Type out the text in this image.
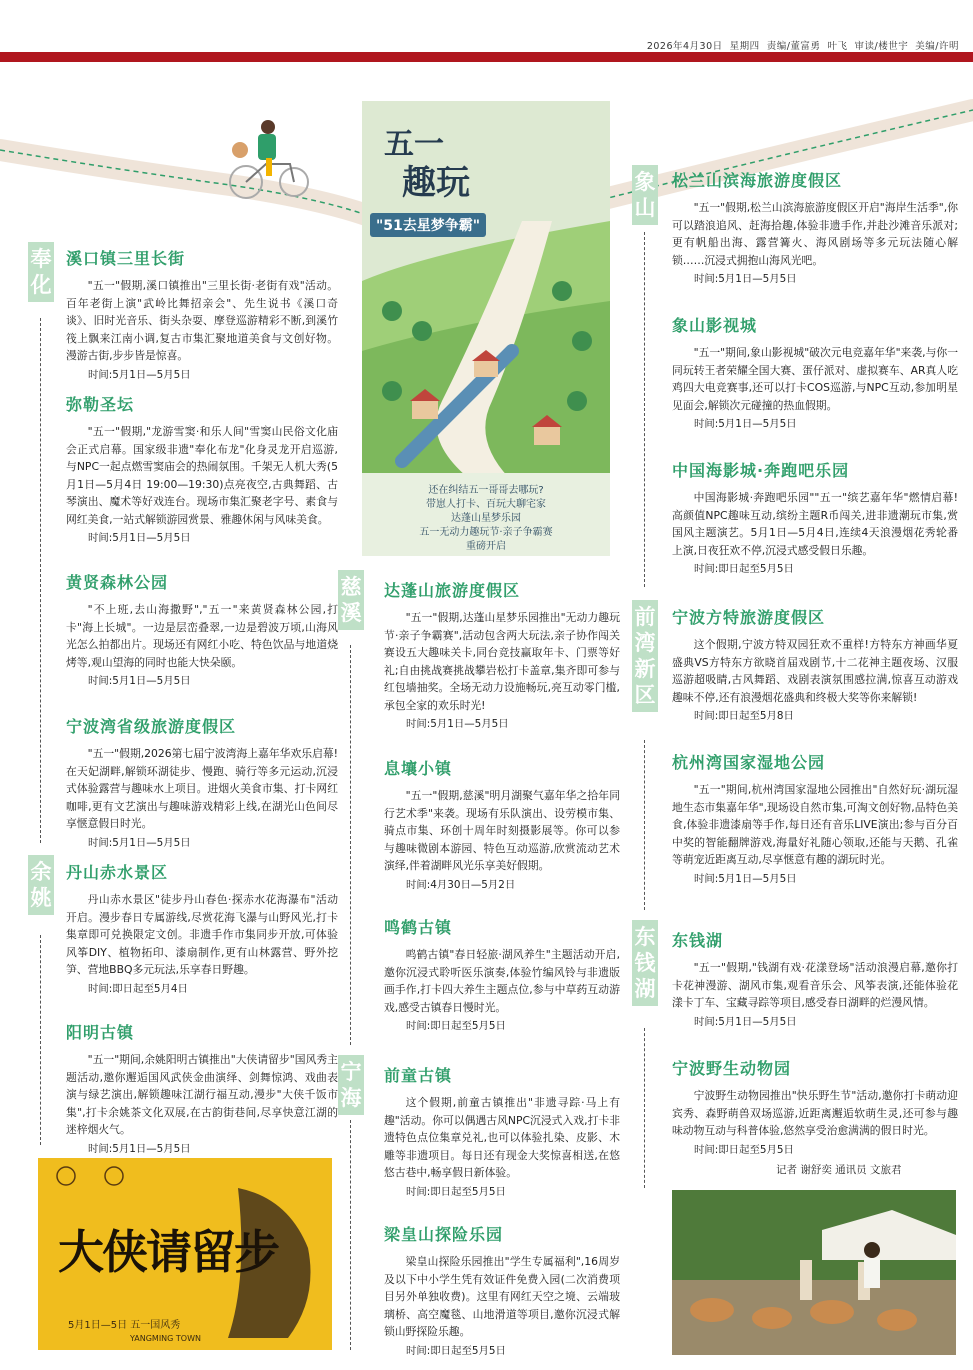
2026年4月30日 星期四 责编/董富勇 叶飞 审读/楼世宇 美编/许明
五一
趣玩
"51去星梦争霸"
还在纠结五一哥哥去哪玩?
带崽人打卡、百玩大聊宅家
达蓬山星梦乐园
五一无动力趣玩节·亲子争霸赛
重磅开启
奉化
余姚
慈溪
宁海
象山
前湾新区
东钱湖
溪口镇三里长街

"五一"假期,溪口镇推出"三里长街·老街有戏"活动。百年老街上演"武岭比舞招亲会"、先生说书《溪口奇谈》、旧时光音乐、街头杂耍、摩登巡游精彩不断,到溪竹筏上飘来江南小调,复古市集汇聚地道美食与文创好物。漫游古街,步步皆是惊喜。

时间:5月1日—5月5日
弥勒圣坛

"五一"假期,"龙游雪窦·和乐人间"雪窦山民俗文化庙会正式启幕。国家级非遗"奉化布龙"化身灵龙开启巡游,与NPC一起点燃雪窦庙会的热闹氛围。千架无人机大秀(5月1日—5月4日 19:00—19:30)点亮夜空,古典舞蹈、古琴演出、魔术等好戏连台。现场市集汇聚老字号、素食与网红美食,一站式解锁游园赏景、雅趣休闲与风味美食。

时间:5月1日—5月5日
黄贤森林公园

"不上班,去山海撒野","五一"来黄贤森林公园,打卡"海上长城"。一边是层峦叠翠,一边是碧波万顷,山海风光怎么拍都出片。现场还有网红小吃、特色饮品与地道烧烤等,观山望海的同时也能大快朵颐。

时间:5月1日—5月5日
宁波湾省级旅游度假区

"五一"假期,2026第七届宁波湾海上嘉年华欢乐启幕!在天妃湖畔,解锁环湖徒步、慢跑、骑行等多元运动,沉浸式体验露营与趣味水上项目。进烟火美食市集、打卡网红咖啡,更有文艺演出与趣味游戏精彩上线,在湖光山色间尽享惬意假日时光。

时间:5月1日—5月5日
丹山赤水景区

丹山赤水景区"徒步丹山春色·探赤水花海瀑布"活动开启。漫步春日专属游线,尽赏花海飞瀑与山野风光,打卡集章即可兑换限定文创。非遗手作市集同步开放,可体验风筝DIY、植物拓印、漆扇制作,更有山林露营、野外挖笋、营地BBQ多元玩法,乐享春日野趣。

时间:即日起至5月4日
阳明古镇

"五一"期间,余姚阳明古镇推出"大侠请留步"国风秀主题活动,邀你邂逅国风武侠金曲演绎、剑舞惊鸿、戏曲表演与绿艺演出,解锁趣味江湖行福互动,漫步"大侠千饭市集",打卡余姚茶文化双展,在古韵街巷间,尽享快意江湖的迷梓烟火气。

时间:5月1日—5月5日
大侠请留步
5月1日—5日 五一国风秀
YANGMING TOWN
达蓬山旅游度假区

"五一"假期,达蓬山星梦乐园推出"无动力趣玩节·亲子争霸赛",活动包含两大玩法,亲子协作闯关赛设五大趣味关卡,同台竞技赢取年卡、门票等好礼;自由挑战赛挑战攀岩松打卡盖章,集齐即可参与红包墙抽奖。全场无动力设施畅玩,亮互动零门槛,承包全家的欢乐时光!

时间:5月1日—5月5日
息壤小镇

"五一"假期,慈溪"明月湖聚气嘉年华之拾年同行艺术季"来袭。现场有乐队演出、设劳模市集、骑点市集、环创十周年时刻摄影展等。你可以参与趣味微剧本游园、特色互动巡游,欣赏流动艺术演绎,伴着湖畔风光乐享美好假期。

时间:4月30日—5月2日
鸣鹤古镇

鸣鹤古镇"春日轻旅·湖风养生"主题活动开启,邀你沉浸式聆听医乐演奏,体验竹编风铃与非遗版画手作,打卡四大养生主题点位,参与中草药互动游戏,感受古镇春日慢时光。

时间:即日起至5月5日
前童古镇

这个假期,前童古镇推出"非遗寻踪·马上有趣"活动。你可以偶遇古风NPC沉浸式入戏,打卡非遗特色点位集章兑礼,也可以体验扎染、皮影、木雕等非遗项目。每日还有现金大奖惊喜相送,在悠悠古巷中,畅享假日新体验。

时间:即日起至5月5日
梁皇山探险乐园

梁皇山探险乐园推出"学生专属福利",16周岁及以下中小学生凭有效证件免费入园(二次消费项目另外单独收费)。这里有网红天空之境、云端玻璃桥、高空魔毯、山地滑道等项目,邀你沉浸式解锁山野探险乐趣。

时间:即日起至5月5日
松兰山滨海旅游度假区

"五一"假期,松兰山滨海旅游度假区开启"海岸生活季",你可以踏浪追风、赶海拾趣,体验非遗手作,并赴沙滩音乐派对;更有帆船出海、露营篝火、海风剧场等多元玩法随心解锁……沉浸式拥抱山海风光吧。

时间:5月1日—5月5日
象山影视城

"五一"期间,象山影视城"破次元电竞嘉年华"来袭,与你一同玩转王者荣耀全国大赛、蛋仔派对、虚拟赛车、AR真人吃鸡四大电竞赛事,还可以打卡COS巡游,与NPC互动,参加明星见面会,解锁次元碰撞的热血假期。

时间:5月1日—5月5日
中国海影城·奔跑吧乐园

中国海影城·奔跑吧乐园""五一"缤艺嘉年华"燃情启幕!高颜值NPC趣味互动,缤纷主题R币闯关,进非遗潮玩市集,赏国风主题演艺。5月1日—5月4日,连续4天浪漫烟花秀轮番上演,日夜狂欢不停,沉浸式感受假日乐趣。

时间:即日起至5月5日
宁波方特旅游度假区

这个假期,宁波方特双园狂欢不重样!方特东方神画华夏盛典VS方特东方欲晓首届戏剧节,十二花神主题夜场、汉服巡游超吸睛,古风舞蹈、戏剧表演氛围感拉满,惊喜互动游戏趣味不停,还有浪漫烟花盛典和终极大奖等你来解锁!

时间:即日起至5月8日
杭州湾国家湿地公园

"五一"期间,杭州湾国家湿地公园推出"自然好玩·湖玩湿地生态市集嘉年华",现场设自然市集,可淘文创好物,品特色美食,体验非遗漆扇等手作,每日还有音乐LIVE演出;参与百分百中奖的智能翻牌游戏,海量好礼随心领取,还能与天鹅、孔雀等萌宠近距离互动,尽享惬意有趣的湖玩时光。

时间:5月1日—5月5日
东钱湖

"五一"假期,"钱湖有戏·花漾登场"活动浪漫启幕,邀你打卡花神漫游、湖风市集,观看音乐会、风筝表演,还能体验花漾卡丁车、宝藏寻踪等项目,感受春日湖畔的烂漫风情。

时间:5月1日—5月5日
宁波野生动物园

宁波野生动物园推出"快乐野生节"活动,邀你打卡萌动迎宾秀、森野萌兽双场巡游,近距离邂逅软萌生灵,还可参与趣味动物互动与科普体验,悠然享受治愈满满的假日时光。

时间:即日起至5月5日
记者 谢舒奕 通讯员 文旅君
